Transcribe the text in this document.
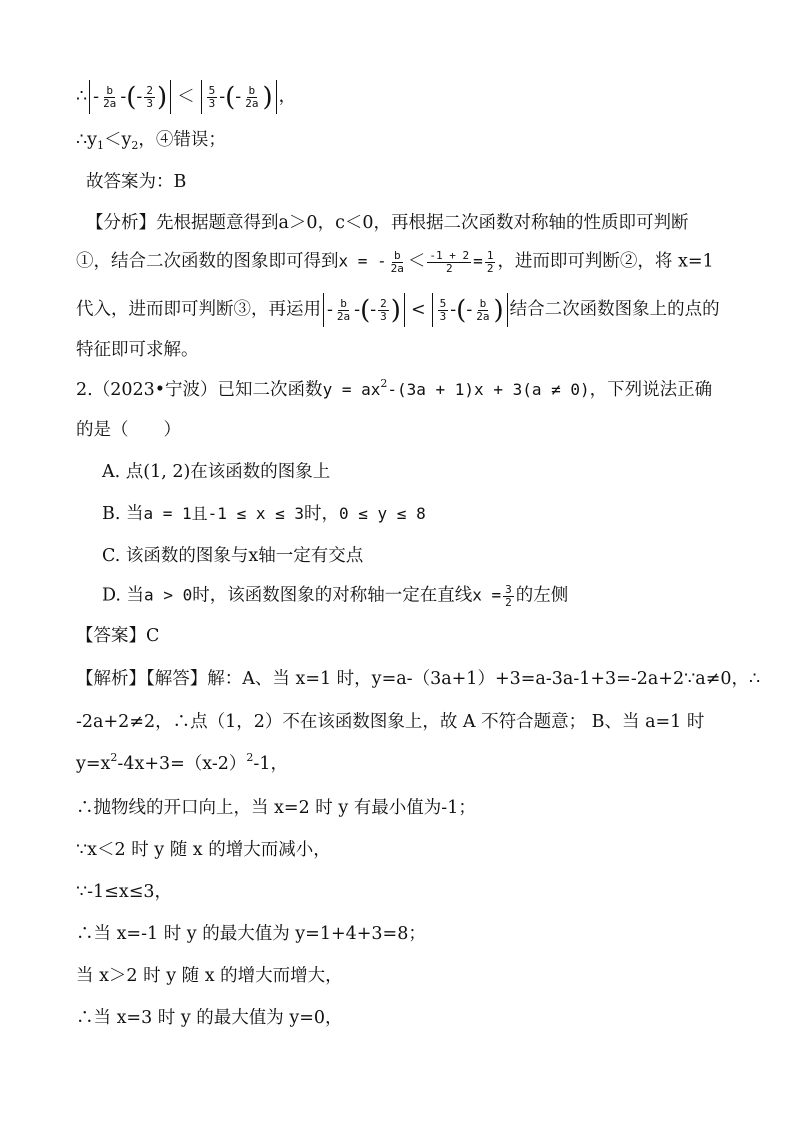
∴ - $\frac{b}{2a}$ -(- $\frac{2}{3}$ ) ＜ $\frac{5}{3}$ -(- $\frac{b}{2a}$ ) ，
$\therefore y_1<y_2$，④错误；
故答案为：B
【分析】先根据题意得到a＞0，c＜0，再根据二次函数对称轴的性质即可判断
①，结合二次函数的图象即可得到x = - $\frac{b}{2a} < \frac{-1 + 2}{2} = \frac{1}{2}$ ，进而即可判断②，将 x=1
代入，进而即可判断③，再运用 - $\frac{b}{2a}$ -(- $\frac{2}{3}$ ) < $\frac{5}{3}$ -(- $\frac{b}{2a}$ ) 结合二次函数图象上的点的
特征即可求解。
2.（2023•宁波）已知二次函数$y = ax^2-(3a + 1)x + 3(a \ne 0)$，下列说法正确
的是（　　）
A. 点(1, 2)在该函数的图象上
B. 当a = 1且-1 ≤ x ≤ 3时，0 ≤ y ≤ 8
C. 该函数的图象与x轴一定有交点
D. 当a > 0时，该函数图象的对称轴一定在直线$x = \frac{3}{2}$ 的左侧
【答案】C
【解析】【解答】解：A、当 x=1 时，y=a-（3a+1）+3=a-3a-1+3=-2a+2∵a≠0，∴
-2a+2≠2，∴点（1，2）不在该函数图象上，故 A 不符合题意； B、当 a=1 时
$y=x^2-4x+3=(x-2)^2-1$，
∴抛物线的开口向上，当 x=2 时 y 有最小值为-1；
∵x＜2 时 y 随 x 的增大而减小，
∵-1≤x≤3，
∴当 x=-1 时 y 的最大值为 y=1+4+3=8；
当 x＞2 时 y 随 x 的增大而增大，
∴当 x=3 时 y 的最大值为 y=0，
